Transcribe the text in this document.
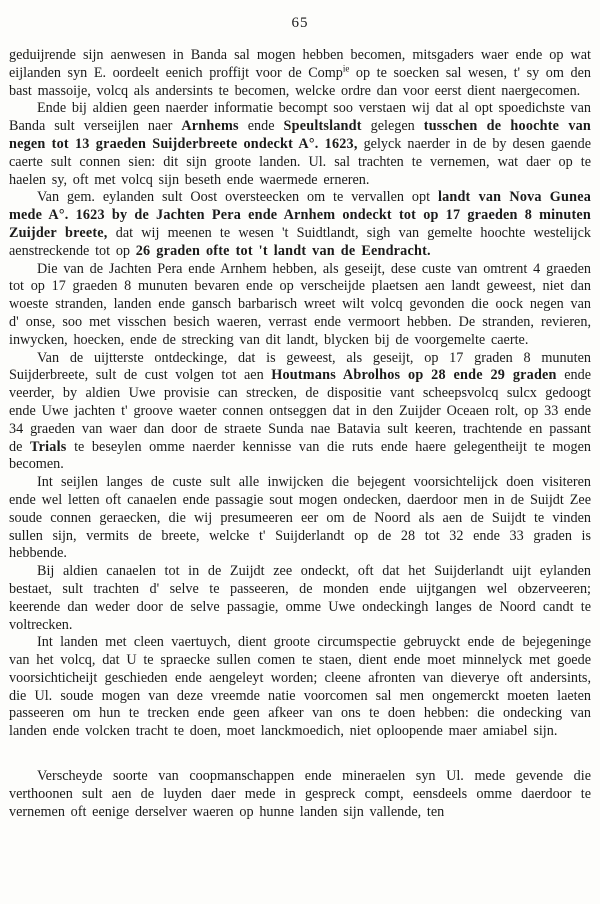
65

geduijrende sijn aenwesen in Banda sal mogen hebben becomen, mitsgaders waer ende op wat eijlanden syn E. oordeelt eenich proffijt voor de Comp$^{ie}$ op te soecken sal wesen, t' sy om den bast massoije, volcq als andersints te becomen, welcke ordre dan voor eerst dient naergecomen.

Ende bij aldien geen naerder informatie becompt soo verstaen wij dat al opt spoedichste van Banda sult verseijlen naer Arnhems ende Speultslandt gelegen tusschen de hoochte van negen tot 13 graeden Suijderbreete ondeckt A°. 1623, gelyck naerder in de by desen gaende caerte sult connen sien: dit sijn groote landen. Ul. sal trachten te vernemen, wat daer op te haelen sy, oft met volcq sijn beseth ende waermede erneren.

Van gem. eylanden sult Oost oversteecken om te vervallen opt landt van Nova Gunea mede A°. 1623 by de Jachten Pera ende Arnhem ondeckt tot op 17 graeden 8 minuten Zuijder breete, dat wij meenen te wesen 't Suidtlandt, sigh van gemelte hoochte westelijck aenstreckende tot op 26 graden ofte tot 't landt van de Eendracht.

Die van de Jachten Pera ende Arnhem hebben, als geseijt, dese custe van omtrent 4 graeden tot op 17 graeden 8 munuten bevaren ende op verscheijde plaetsen aen landt geweest, niet dan woeste stranden, landen ende gansch barbarisch wreet wilt volcq gevonden die oock negen van d' onse, soo met visschen besich waeren, verrast ende vermoort hebben. De stranden, revieren, inwycken, hoecken, ende de strecking van dit landt, blycken bij de voorgemelte caerte.

Van de uijtterste ontdeckinge, dat is geweest, als geseijt, op 17 graden 8 munuten Suijderbreete, sult de cust volgen tot aen Houtmans Abrolhos op 28 ende 29 graden ende veerder, by aldien Uwe provisie can strecken, de dispositie vant scheepsvolcq sulcx gedoogt ende Uwe jachten t' groove waeter connen ontseggen dat in den Zuijder Oceaen rolt, op 33 ende 34 graeden van waer dan door de straete Sunda nae Batavia sult keeren, trachtende en passant de Trials te beseylen omme naerder kennisse van die ruts ende haere gelegentheijt te mogen becomen.

Int seijlen langes de custe sult alle inwijcken die bejegent voorsichtelijck doen visiteren ende wel letten oft canaelen ende passagie sout mogen ondecken, daerdoor men in de Suijdt Zee soude connen geraecken, die wij presumeeren eer om de Noord als aen de Suijdt te vinden sullen sijn, vermits de breete, welcke t' Suijderlandt op de 28 tot 32 ende 33 graden is hebbende.

Bij aldien canaelen tot in de Zuijdt zee ondeckt, oft dat het Suijderlandt uijt eylanden bestaet, sult trachten d' selve te passeeren, de monden ende uijtgangen wel obzerveeren; keerende dan weder door de selve passagie, omme Uwe ondeckingh langes de Noord candt te voltrecken.

Int landen met cleen vaertuych, dient groote circumspectie gebruyckt ende de bejegeninge van het volcq, dat U te spraecke sullen comen te staen, dient ende moet minnelyck met goede voorsichticheijt geschieden ende aengeleyt worden; cleene afronten van dieverye oft andersints, die Ul. soude mogen van deze vreemde natie voorcomen sal men ongemerckt moeten laeten passeeren om hun te trecken ende geen afkeer van ons te doen hebben: die ondecking van landen ende volcken tracht te doen, moet lanckmoedich, niet oploopende maer amiabel sijn.

Verscheyde soorte van coopmanschappen ende mineraelen syn Ul. mede gevende die verthoonen sult aen de luyden daer mede in gespreck compt, eensdeels omme daerdoor te vernemen oft eenige derselver waeren op hunne landen sijn vallende, ten
